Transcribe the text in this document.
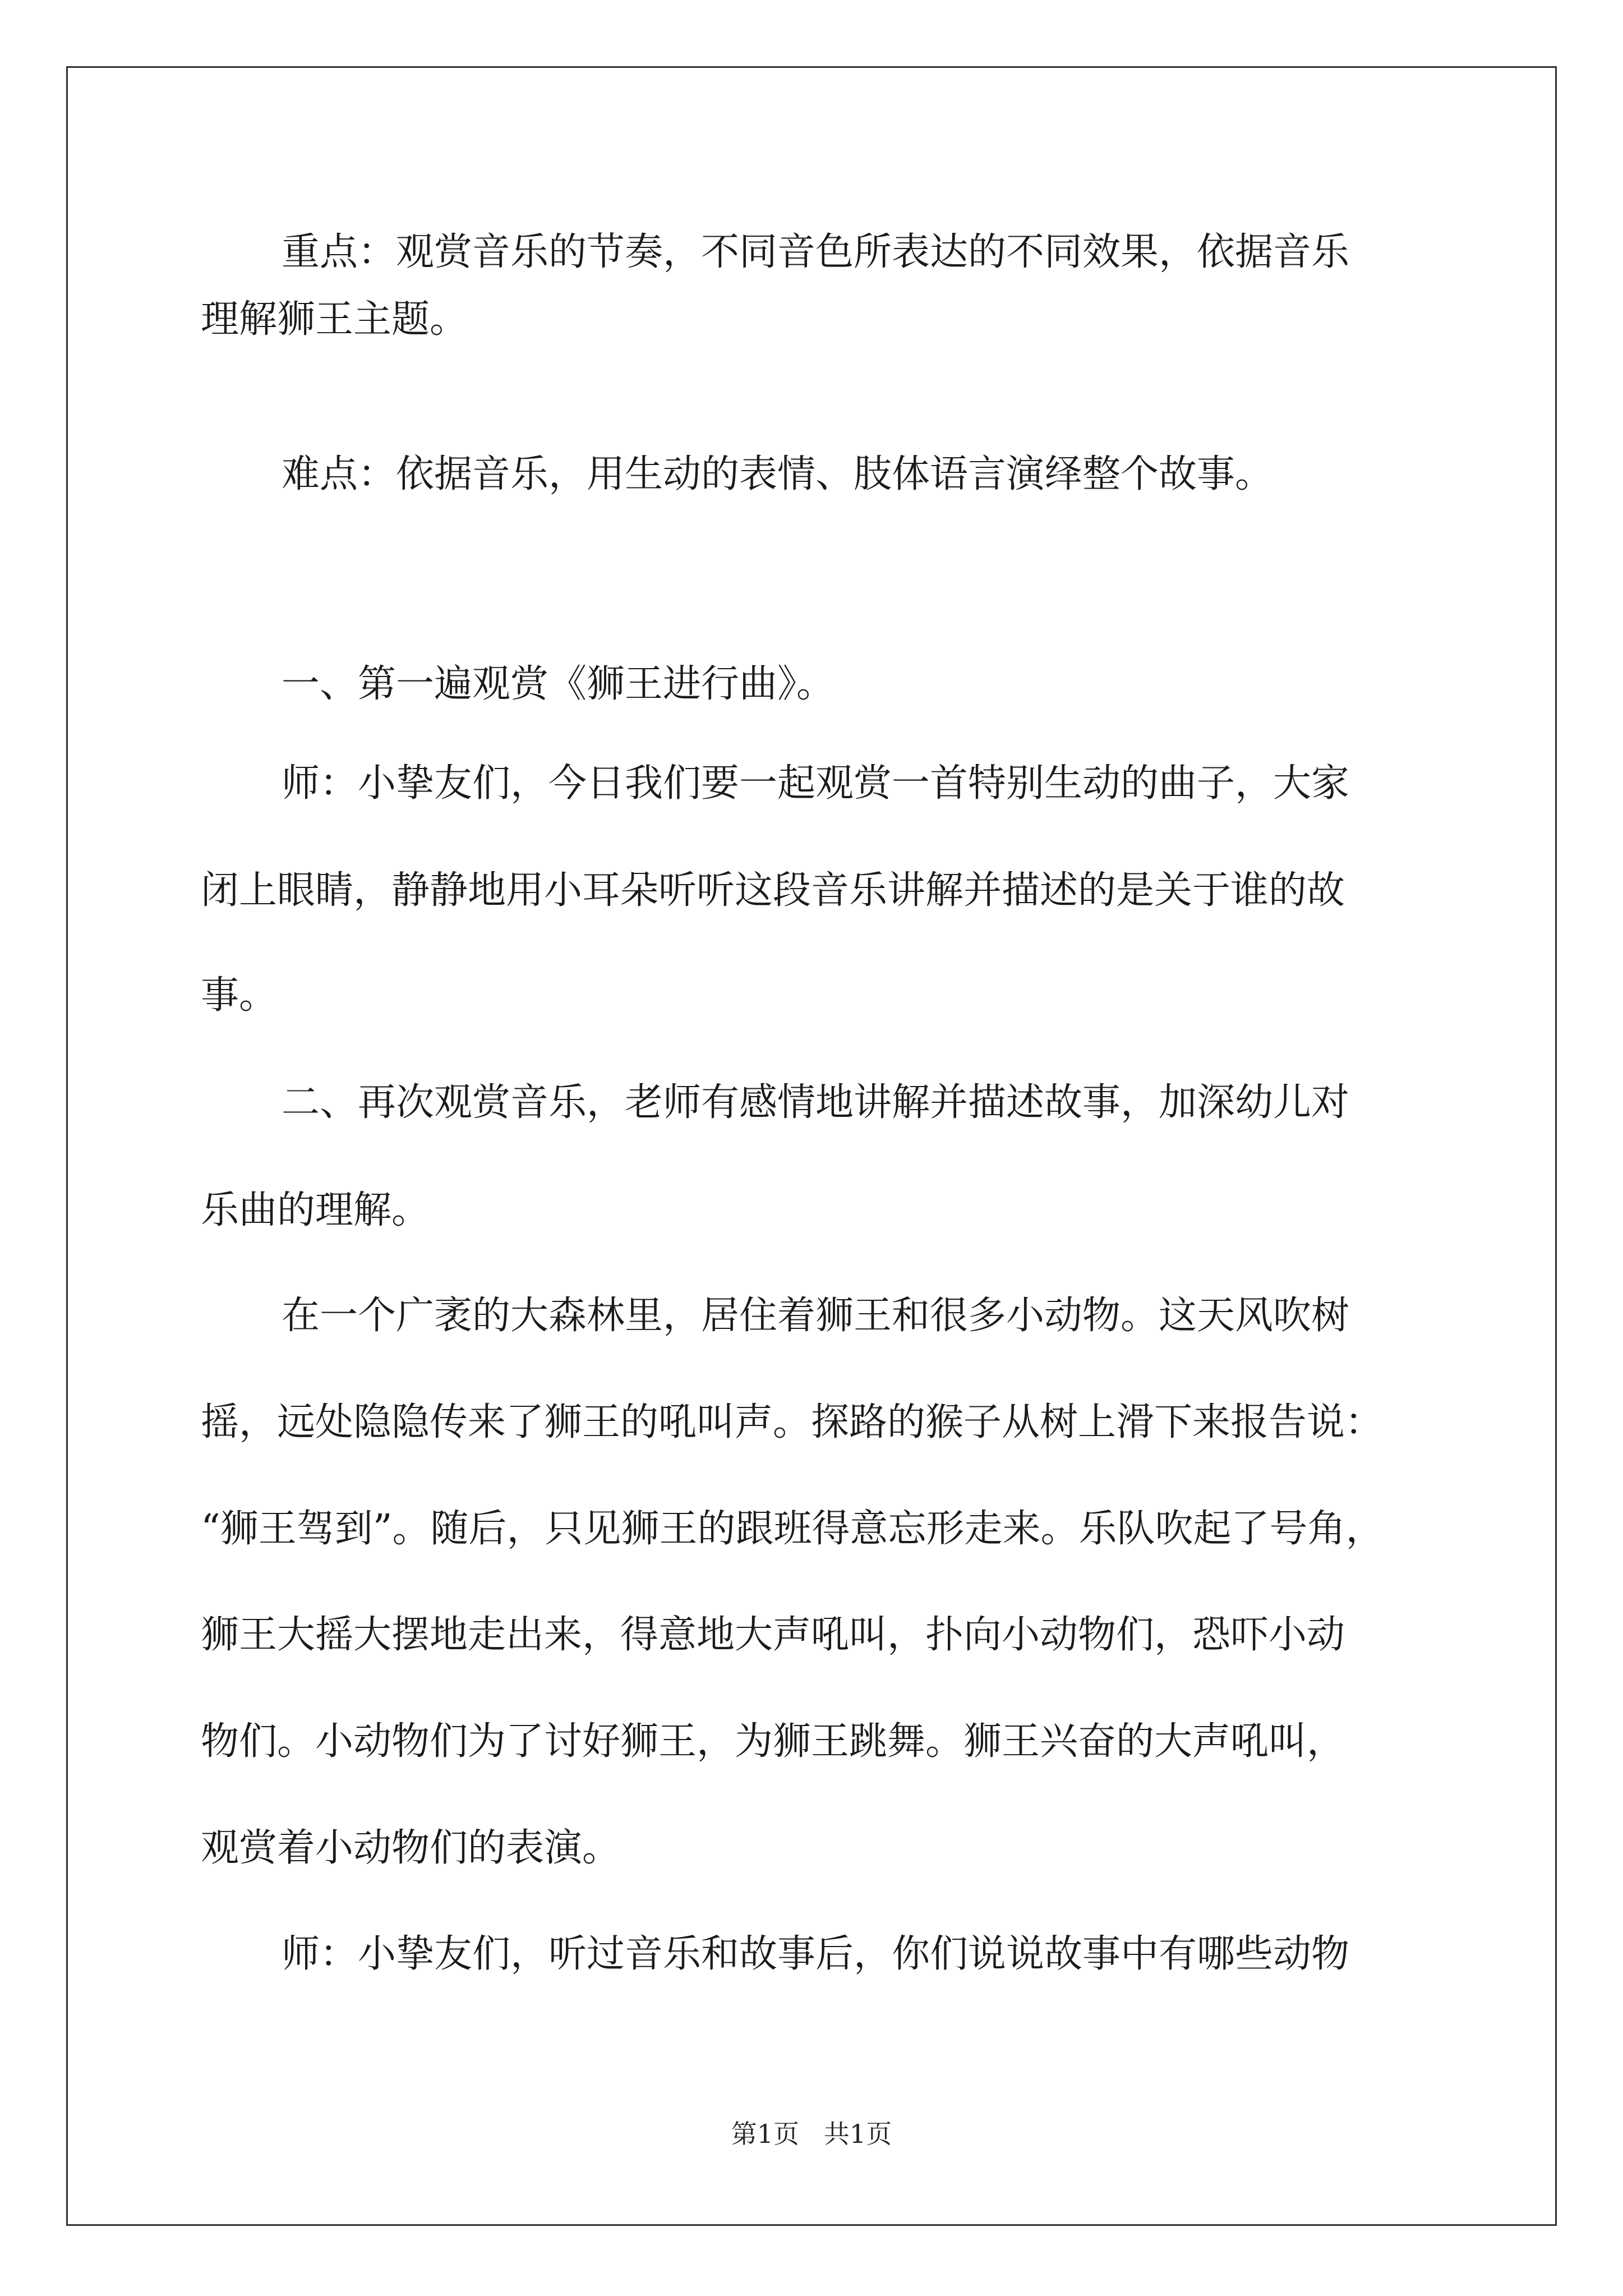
重点：观赏音乐的节奏，不同音色所表达的不同效果，依据音乐
理解狮王主题。
难点：依据音乐，用生动的表情、肢体语言演绎整个故事。
一、第一遍观赏《狮王进行曲》。
师：小挚友们，今日我们要一起观赏一首特别生动的曲子，大家
闭上眼睛，静静地用小耳朵听听这段音乐讲解并描述的是关于谁的故
事。
二、再次观赏音乐，老师有感情地讲解并描述故事，加深幼儿对
乐曲的理解。
在一个广袤的大森林里，居住着狮王和很多小动物。这天风吹树
摇，远处隐隐传来了狮王的吼叫声。探路的猴子从树上滑下来报告说：
“狮王驾到”。随后，只见狮王的跟班得意忘形走来。乐队吹起了号角，
狮王大摇大摆地走出来，得意地大声吼叫，扑向小动物们，恐吓小动
物们。小动物们为了讨好狮王，为狮王跳舞。狮王兴奋的大声吼叫，
观赏着小动物们的表演。
师：小挚友们，听过音乐和故事后，你们说说故事中有哪些动物
第1页   共1页
